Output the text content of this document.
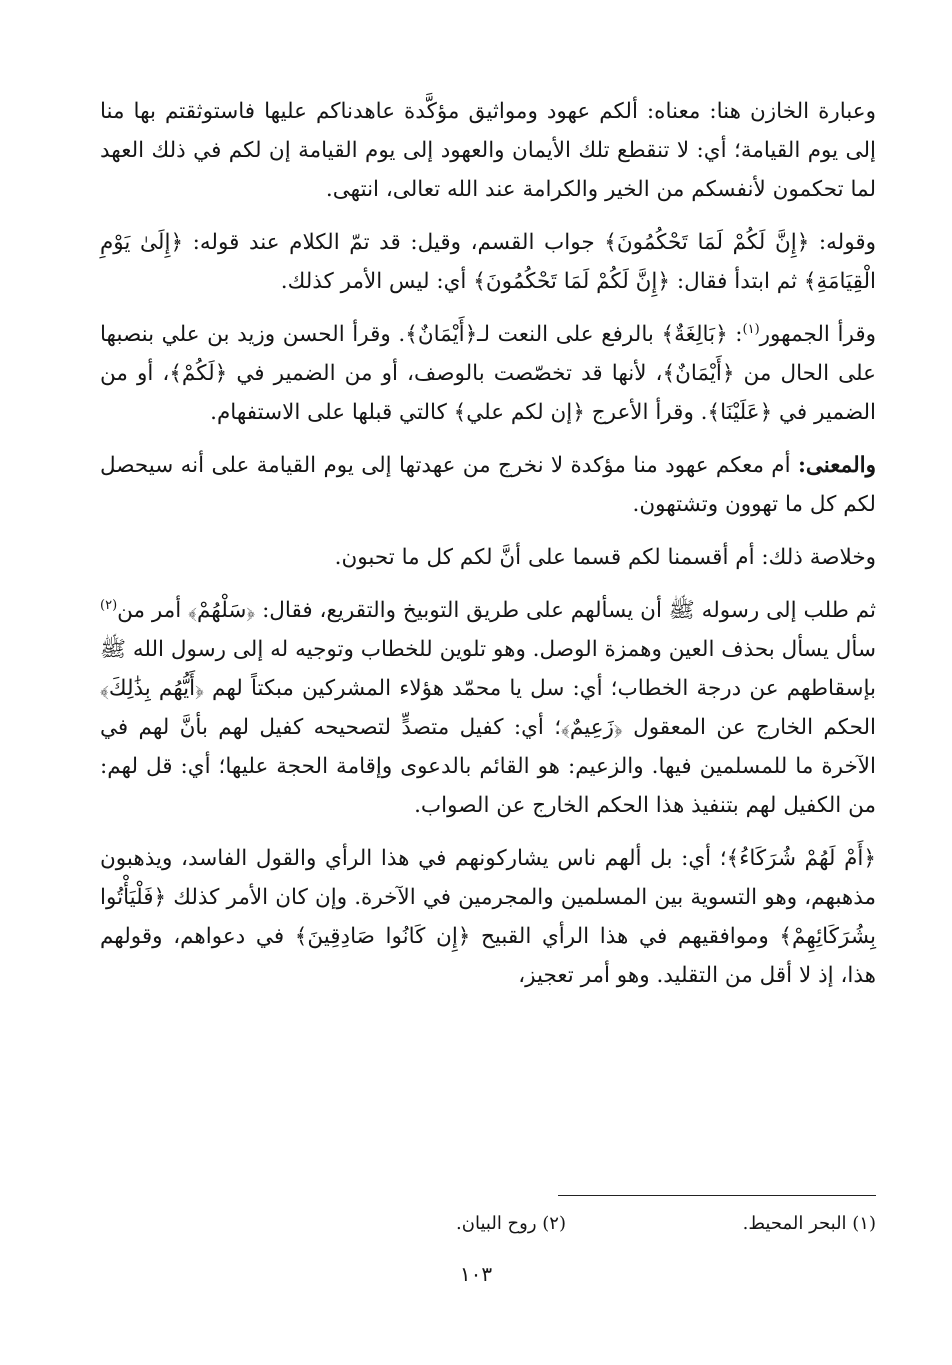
وعبارة الخازن هنا: معناه: ألكم عهود ومواثيق مؤكَّدة عاهدناكم عليها فاستوثقتم بها منا إلى يوم القيامة؛ أي: لا تنقطع تلك الأيمان والعهود إلى يوم القيامة إن لكم في ذلك العهد لما تحكمون لأنفسكم من الخير والكرامة عند الله تعالى، انتهى.

وقوله: ﴿إِنَّ لَكُمْ لَمَا تَحْكُمُونَ﴾ جواب القسم، وقيل: قد تمّ الكلام عند قوله: ﴿إِلَىٰ يَوْمِ الْقِيَامَةِ﴾ ثم ابتدأ فقال: ﴿إِنَّ لَكُمْ لَمَا تَحْكُمُونَ﴾ أي: ليس الأمر كذلك.

وقرأ الجمهور$^{(١)}$: ﴿بَالِغَةٌ﴾ بالرفع على النعت لـ﴿أَيْمَانٌ﴾. وقرأ الحسن وزيد بن علي بنصبها على الحال من ﴿أَيْمَانٌ﴾، لأنها قد تخصّصت بالوصف، أو من الضمير في ﴿لَكُمْ﴾، أو من الضمير في ﴿عَلَيْنَا﴾. وقرأ الأعرج ﴿إن لكم علي﴾ كالتي قبلها على الاستفهام.

والمعنى: أم معكم عهود منا مؤكدة لا نخرج من عهدتها إلى يوم القيامة على أنه سيحصل لكم كل ما تهوون وتشتهون.

وخلاصة ذلك: أم أقسمنا لكم قسما على أنَّ لكم كل ما تحبون.

ثم طلب إلى رسوله ﷺ أن يسألهم على طريق التوبيخ والتقريع، فقال: ﴿سَلْهُمْ﴾ أمر من$^{(٢)}$ سأل يسأل بحذف العين وهمزة الوصل. وهو تلوين للخطاب وتوجيه له إلى رسول الله ﷺ بإسقاطهم عن درجة الخطاب؛ أي: سل يا محمّد هؤلاء المشركين مبكتاً لهم ﴿أَيُّهُم بِذَٰلِكَ﴾ الحكم الخارج عن المعقول ﴿زَعِيمٌ﴾؛ أي: كفيل متصدٍّ لتصحيحه كفيل لهم بأنَّ لهم في الآخرة ما للمسلمين فيها. والزعيم: هو القائم بالدعوى وإقامة الحجة عليها؛ أي: قل لهم: من الكفيل لهم بتنفيذ هذا الحكم الخارج عن الصواب.

﴿أَمْ لَهُمْ شُرَكَاءُ﴾؛ أي: بل ألهم ناس يشاركونهم في هذا الرأي والقول الفاسد، ويذهبون مذهبهم، وهو التسوية بين المسلمين والمجرمين في الآخرة. وإن كان الأمر كذلك ﴿فَلْيَأْتُوا بِشُرَكَائِهِمْ﴾ وموافقيهم في هذا الرأي القبيح ﴿إِن كَانُوا صَادِقِينَ﴾ في دعواهم، وقولهم هذا، إذ لا أقل من التقليد. وهو أمر تعجيز،

(١) البحر المحيط.
(٢) روح البيان.
١٠٣
